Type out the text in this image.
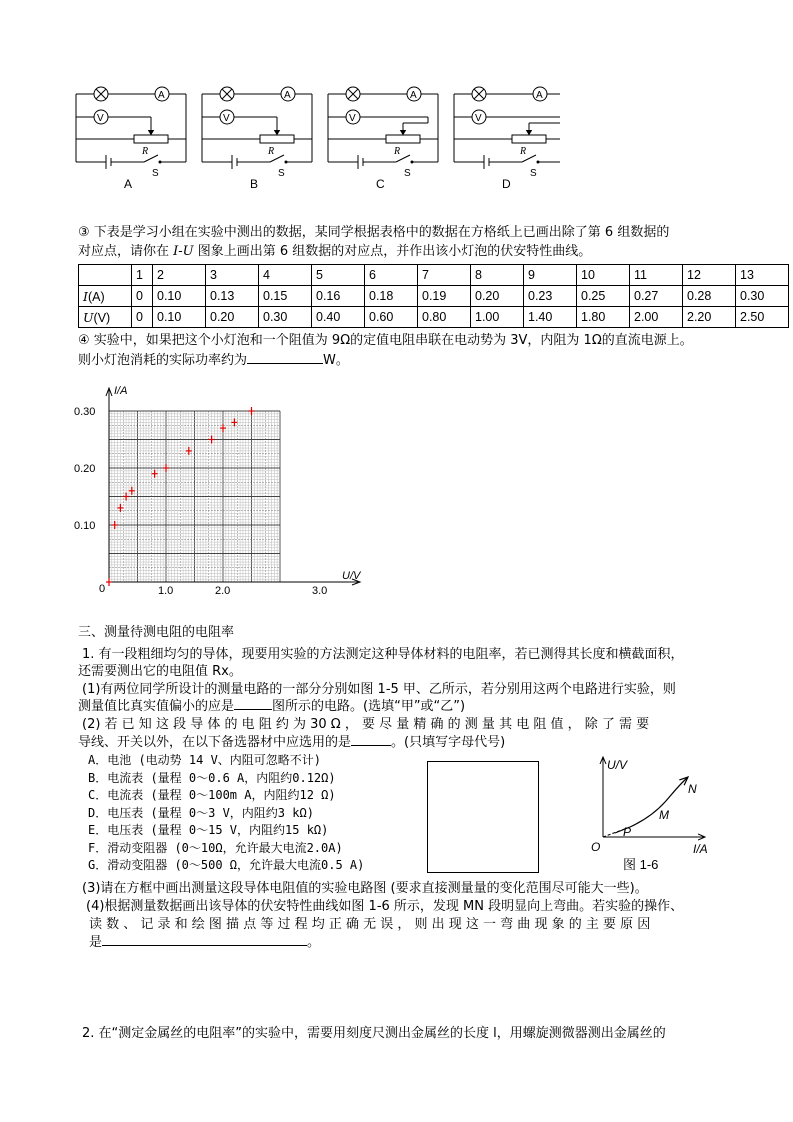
A
V
R
S
A
A
V
R
S
B
A
V
R
S
C
A
V
R
S
D
③ 下表是学习小组在实验中测出的数据，某同学根据表格中的数据在方格纸上已画出除了第 6 组数据的
对应点，请你在 I-U 图象上画出第 6 组数据的对应点，并作出该小灯泡的伏安特性曲线。
	1	2	3	4	5	6	7	8	9	10	11	12	13
I(A)	0	0.10	0.13	0.15	0.16	0.18	0.19	0.20	0.23	0.25	0.27	0.28	0.30
U(V)	0	0.10	0.20	0.30	0.40	0.60	0.80	1.00	1.40	1.80	2.00	2.20	2.50
④ 实验中，如果把这个小灯泡和一个阻值为 9Ω的定值电阻串联在电动势为 3V，内阻为 1Ω的直流电源上。
则小灯泡消耗的实际功率约为	W。
I/A
U/V
0
0.10
0.20
0.30
1.0	2.0	3.0
三、测量待测电阻的电阻率
1. 有一段粗细均匀的导体，现要用实验的方法测定这种导体材料的电阻率，若已测得其长度和横截面积，
还需要测出它的电阻值 Rx。
(1)有两位同学所设计的测量电路的一部分分别如图 1-5 甲、乙所示，若分别用这两个电路进行实验，则
测量值比真实值偏小的应是	图所示的电路。(选填“甲”或“乙”)
(2) 若 已 知 这 段 导 体 的 电 阻 约 为 30 Ω ， 要 尽 量 精 确 的 测 量 其 电 阻 值 ， 除 了 需 要
导线、开关以外，在以下备选器材中应选用的是	。(只填写字母代号)
A．电池 (电动势 14 V、内阻可忽略不计)
B．电流表 (量程 0～0.6 A，内阻约0.12Ω)
C．电流表 (量程 0～100m A，内阻约12 Ω)
D．电压表 (量程 0～3 V，内阻约3 kΩ)
E．电压表 (量程 0～15 V，内阻约15 kΩ)
F．滑动变阻器 (0～10Ω，允许最大电流2.0A)
G．滑动变阻器 (0～500 Ω，允许最大电流0.5 A)
U/V
I/A
O
N
M
P
图 1-6
(3)请在方框中画出测量这段导体电阻值的实验电路图 (要求直接测量量的变化范围尽可能大一些)。
(4)根据测量数据画出该导体的伏安特性曲线如图 1-6 所示，发现 MN 段明显向上弯曲。若实验的操作、
读 数 、 记 录 和 绘 图 描 点 等 过 程 均 正 确 无 误 ， 则 出 现 这 一 弯 曲 现 象 的 主 要 原 因
是	。
2. 在“测定金属丝的电阻率”的实验中，需要用刻度尺测出金属丝的长度 l，用螺旋测微器测出金属丝的
